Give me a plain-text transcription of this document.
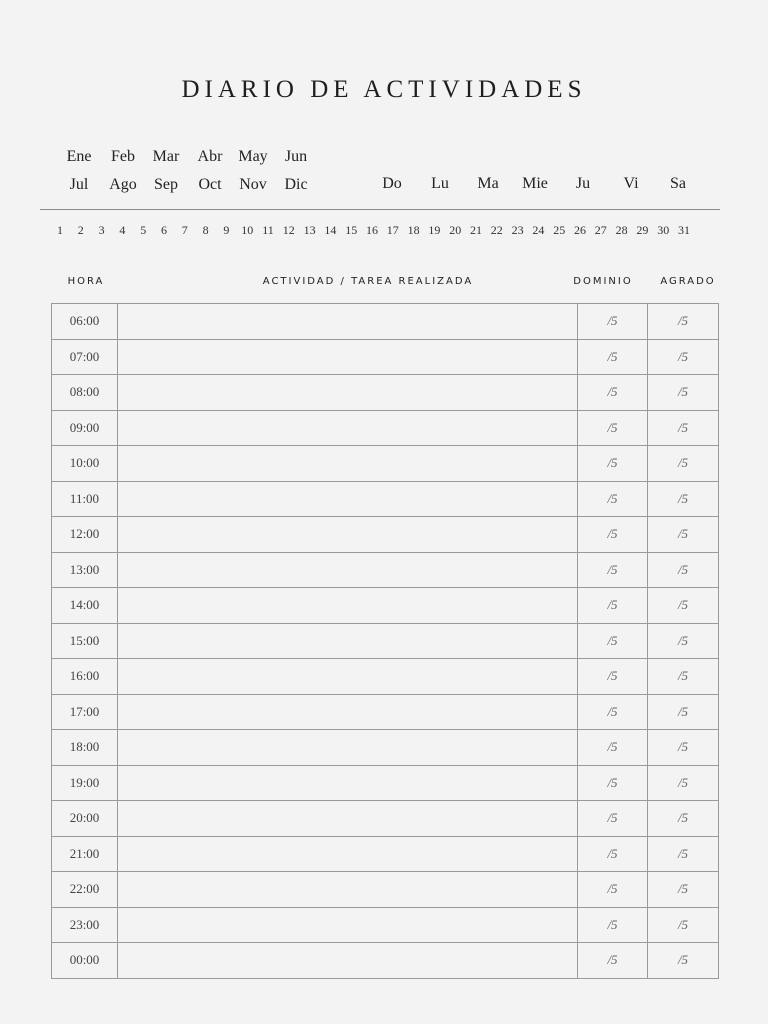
DIARIO DE ACTIVIDADES
Ene Feb Mar Abr May Jun
Jul Ago Sep Oct Nov Dic	Do Lu Ma Mie Ju Vi Sa
1 2 3 4 5 6 7 8 9 10 11 12 13 14 15 16 17 18 19 20 21 22 23 24 25 26 27 28 29 30 31
HORA	ACTIVIDAD / TAREA REALIZADA	DOMINIO	AGRADO
06:00		/5	/5
07:00		/5	/5
08:00		/5	/5
09:00		/5	/5
10:00		/5	/5
11:00		/5	/5
12:00		/5	/5
13:00		/5	/5
14:00		/5	/5
15:00		/5	/5
16:00		/5	/5
17:00		/5	/5
18:00		/5	/5
19:00		/5	/5
20:00		/5	/5
21:00		/5	/5
22:00		/5	/5
23:00		/5	/5
00:00		/5	/5
